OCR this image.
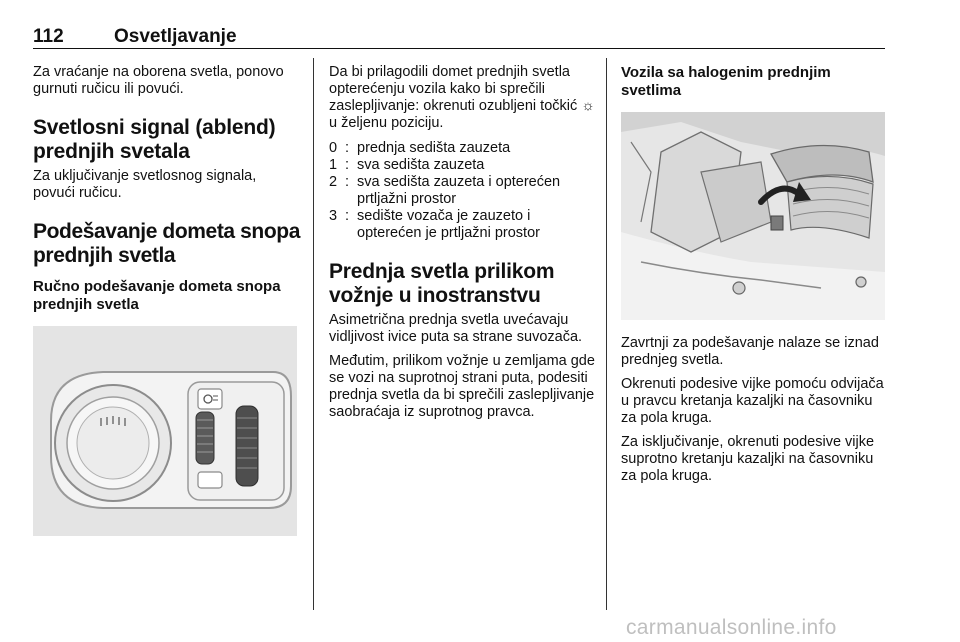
112	Osvetljavanje

Za vraćanje na oborena svetla, ponovo gurnuti ručicu ili povući.

Svetlosni signal (ablend) prednjih svetala

Za uključivanje svetlosnog signala, povući ručicu.

Podešavanje dometa snopa prednjih svetla
Ručno podešavanje dometa snopa prednjih svetla

Da bi prilagodili domet prednjih svetla opterećenju vozila kako bi sprečili zaslepljivanje: okrenuti ozubljeni točkić ⁠☼ u željenu poziciju.

0 : prednja sedišta zauzeta
1 : sva sedišta zauzeta
2 : sva sedišta zauzeta i opterećen prtljažni prostor
3 : sedište vozača je zauzeto i opterećen je prtljažni prostor
Prednja svetla prilikom vožnje u inostranstvu

Asimetrična prednja svetla uvećavaju vidljivost ivice puta sa strane suvozača.

Međutim, prilikom vožnje u zemljama gde se vozi na suprotnoj strani puta, podesiti prednja svetla da bi sprečili zaslepljivanje saobraćaja iz suprotnog pravca.

Vozila sa halogenim prednjim svetlima

Zavrtnji za podešavanje nalaze se iznad prednjeg svetla.

Okrenuti podesive vijke pomoću odvijača u pravcu kretanja kazaljki na časovniku za pola kruga.

Za isključivanje, okrenuti podesive vijke suprotno kretanju kazaljki na časovniku za pola kruga.

carmanualsonline.info
